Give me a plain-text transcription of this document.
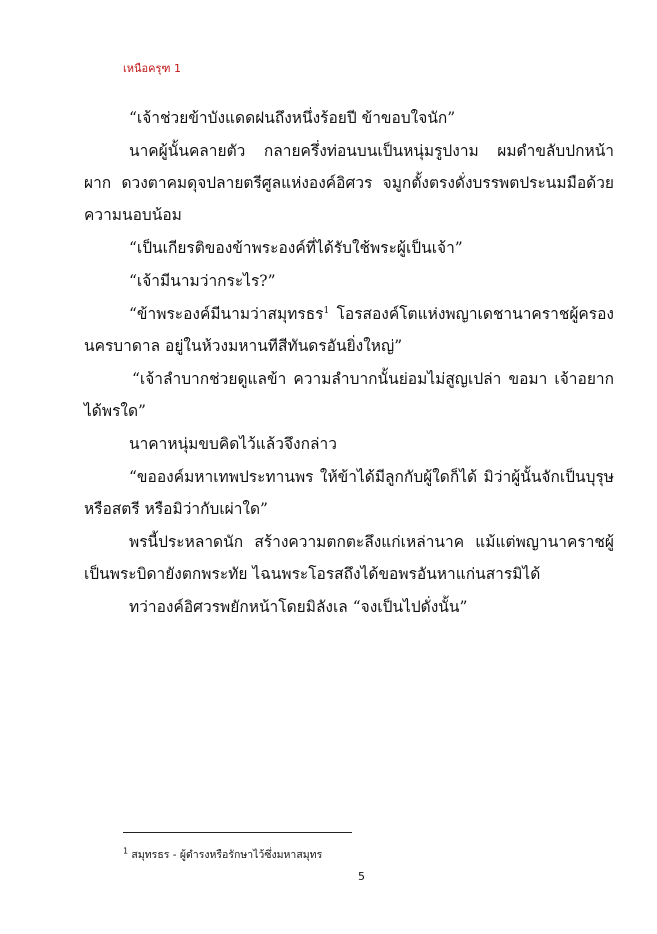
เหนือครุฑ 1

“เจ้าช่วยข้าบังแดดฝนถึงหนึ่งร้อยปี ข้าขอบใจนัก”

นาคผู้นั้นคลายตัว กลายครึ่งท่อนบนเป็นหนุ่มรูปงาม ผมดำขลับปกหน้าผาก ดวงตาคมดุจปลายตรีศูลแห่งองค์อิศวร จมูกตั้งตรงดั่งบรรพตประนมมือด้วยความนอบน้อม

“เป็นเกียรติของข้าพระองค์ที่ได้รับใช้พระผู้เป็นเจ้า”

“เจ้ามีนามว่ากระไร?”

“ข้าพระองค์มีนามว่าสมุทรธร$^1$ โอรสองค์โตแห่งพญาเดชานาคราชผู้ครองนครบาดาล อยู่ในห้วงมหานทีสีทันดรอันยิ่งใหญ่”

“เจ้าลำบากช่วยดูแลข้า ความลำบากนั้นย่อมไม่สูญเปล่า ขอมา เจ้าอยากได้พรใด”

นาคาหนุ่มขบคิดไว้แล้วจึงกล่าว

“ขอองค์มหาเทพประทานพร ให้ข้าได้มีลูกกับผู้ใดก็ได้ มิว่าผู้นั้นจักเป็นบุรุษหรือสตรี หรือมิว่ากับเผ่าใด”

พรนี้ประหลาดนัก สร้างความตกตะลึงแก่เหล่านาค แม้แต่พญานาคราชผู้เป็นพระบิดายังตกพระทัย ไฉนพระโอรสถึงได้ขอพรอันหาแก่นสารมิได้

ทว่าองค์อิศวรพยักหน้าโดยมิลังเล “จงเป็นไปดั่งนั้น”

$^1$ สมุทรธร - ผู้ดำรงหรือรักษาไว้ซึ่งมหาสมุทร
5
